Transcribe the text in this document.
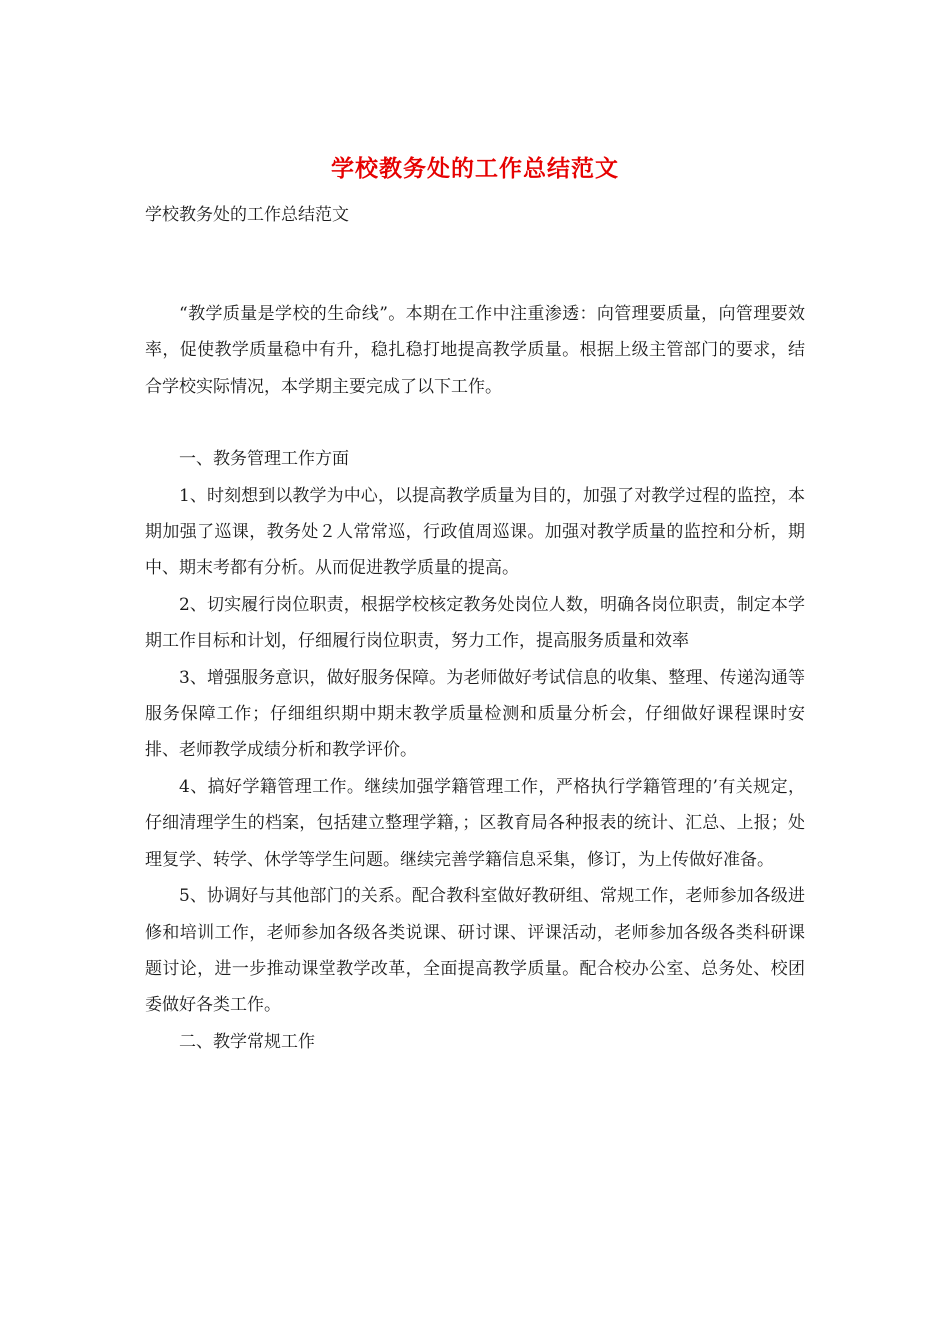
学校教务处的工作总结范文
学校教务处的工作总结范文

“教学质量是学校的生命线”。本期在工作中注重渗透：向管理要质量，向管理要效率，促使教学质量稳中有升，稳扎稳打地提高教学质量。根据上级主管部门的要求，结合学校实际情况，本学期主要完成了以下工作。

一、教务管理工作方面

1、时刻想到以教学为中心，以提高教学质量为目的，加强了对教学过程的监控，本期加强了巡课，教务处２人常常巡，行政值周巡课。加强对教学质量的监控和分析，期中、期末考都有分析。从而促进教学质量的提高。

2、切实履行岗位职责，根据学校核定教务处岗位人数，明确各岗位职责，制定本学期工作目标和计划，仔细履行岗位职责，努力工作，提高服务质量和效率

3、增强服务意识，做好服务保障。为老师做好考试信息的收集、整理、传递沟通等服务保障工作；仔细组织期中期末教学质量检测和质量分析会，仔细做好课程课时安排、老师教学成绩分析和教学评价。

4、搞好学籍管理工作。继续加强学籍管理工作，严格执行学籍管理的’有关规定，仔细清理学生的档案，包括建立整理学籍，；区教育局各种报表的统计、汇总、上报；处理复学、转学、休学等学生问题。继续完善学籍信息采集，修订，为上传做好准备。

5、协调好与其他部门的关系。配合教科室做好教研组、常规工作，老师参加各级进修和培训工作，老师参加各级各类说课、研讨课、评课活动，老师参加各级各类科研课题讨论，进一步推动课堂教学改革，全面提高教学质量。配合校办公室、总务处、校团委做好各类工作。

二、教学常规工作
